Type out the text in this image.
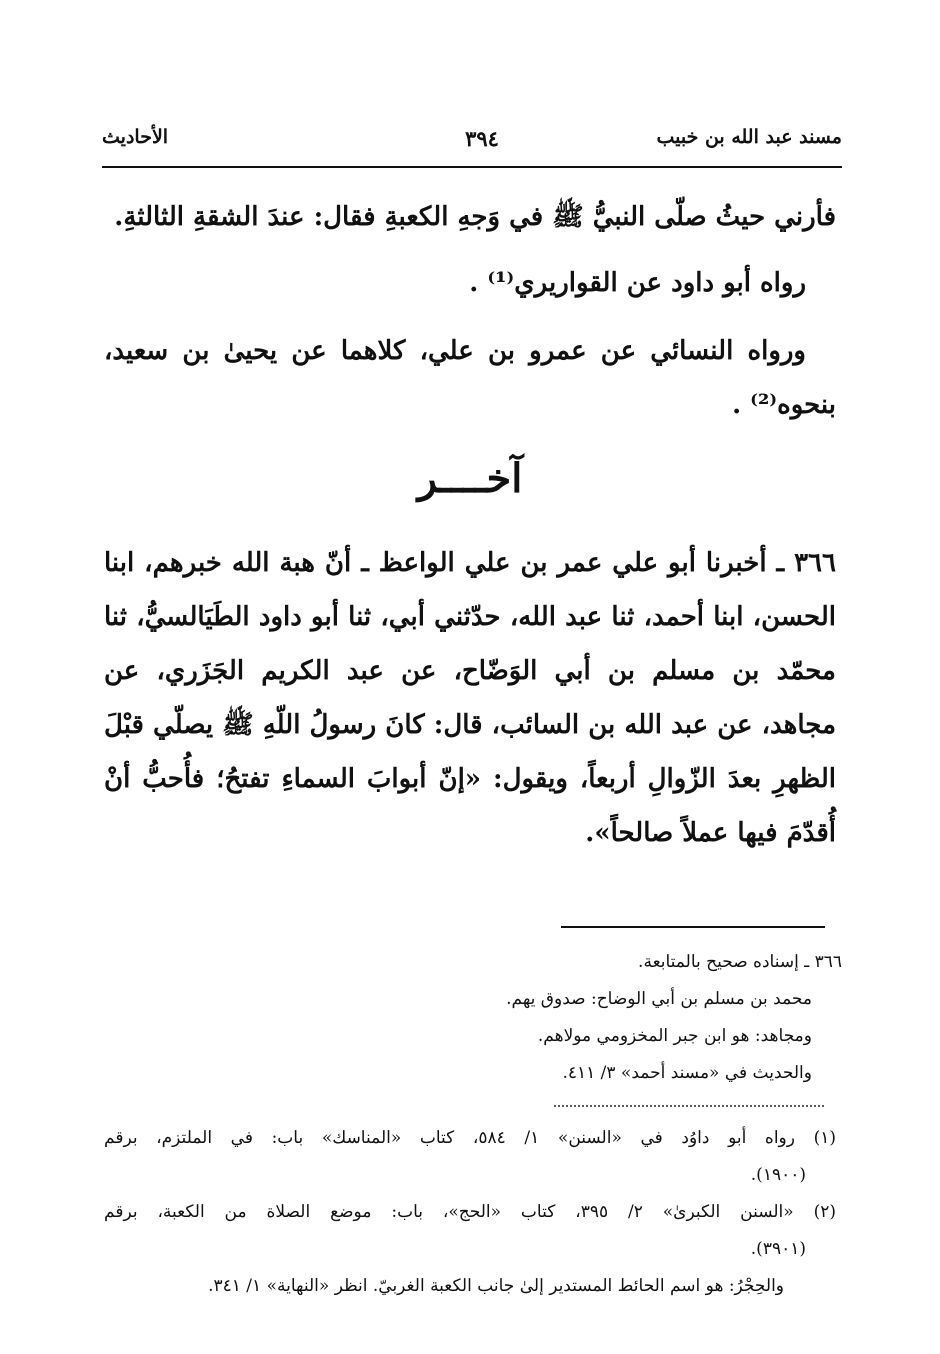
مسند عبد الله بن خبيب
٣٩٤
الأحاديث
فأرني حيثُ صلّى النبيُّ ﷺ في وَجهِ الكعبةِ فقال: عندَ الشقةِ الثالثةِ.
رواه أبو داود عن القواريري⁽¹⁾ .
ورواه النسائي عن عمرو بن علي، كلاهما عن يحيىٰ بن سعيد، بنحوه⁽²⁾ .
آخــــر
٣٦٦ ـ أخبرنا أبو علي عمر بن علي الواعظ ـ أنّ هبة الله خبرهم، ابنا الحسن، ابنا أحمد، ثنا عبد الله، حدّثني أبي، ثنا أبو داود الطَيَالسيُّ، ثنا محمّد بن مسلم بن أبي الوَضّاح، عن عبد الكريم الجَزَري، عن مجاهد، عن عبد الله بن السائب، قال: كانَ رسولُ اللّهِ ﷺ يصلّي قبْلَ الظهرِ بعدَ الزّوالِ أربعاً، ويقول: «إنّ أبوابَ السماءِ تفتحُ؛ فأُحبُّ أنْ أُقدّمَ فيها عملاً صالحاً».
٣٦٦ ـ إسناده صحيح بالمتابعة.
محمد بن مسلم بن أبي الوضاح: صدوق يهم.
ومجاهد: هو ابن جبر المخزومي مولاهم.
والحديث في «مسند أحمد» ٣/ ٤١١.
(١) رواه أبو داوُد في «السنن» ١/ ٥٨٤، كتاب «المناسك» باب: في الملتزم، برقم
(١٩٠٠).
(٢) «السنن الكبرىٰ» ٢/ ٣٩٥، كتاب «الحج»، باب: موضع الصلاة من الكعبة، برقم
(٣٩٠١).
والحِجْرُ: هو اسم الحائط المستدير إلىٰ جانب الكعبة الغربيّ. انظر «النهاية» ١/ ٣٤١.
